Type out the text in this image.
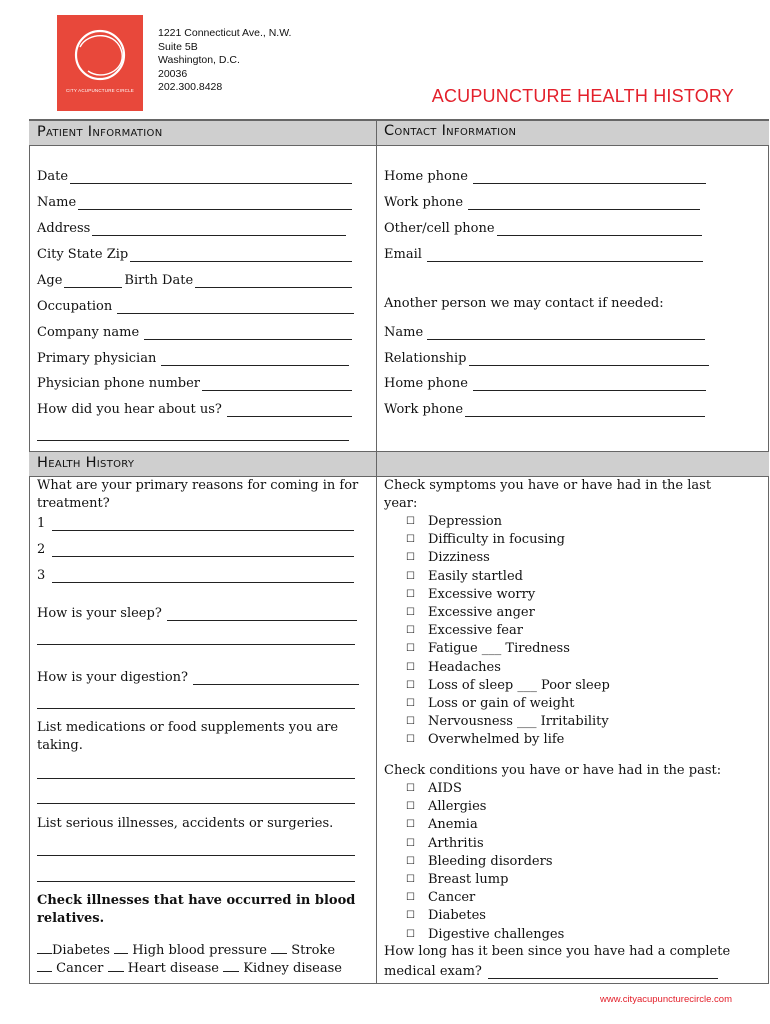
CITY ACUPUNCTURE CIRCLE
1221 Connecticut Ave., N.W.
Suite 5B
Washington, D.C.
20036
202.300.8428	ACUPUNCTURE HEALTH HISTORY
Patient Information	Contact Information
Health History
Date
Name
Address
City State Zip
Age	Birth Date
Occupation
Company name
Primary physician
Physician phone number
How did you hear about us?
Home phone
Work phone
Other/cell phone
Email
Another person we may contact if needed:
Name
Relationship
Home phone
Work phone
What are your primary reasons for coming in for treatment?
1
2
3
How is your sleep?
How is your digestion?
List medications or food supplements you are taking.
List serious illnesses, accidents or surgeries.
Check illnesses that have occurred in blood relatives.
Diabetes High blood pressure Stroke
Cancer Heart disease Kidney disease
Check symptoms you have or have had in the last year:
☐	Depression
☐	Difficulty in focusing
☐	Dizziness
☐	Easily startled
☐	Excessive worry
☐	Excessive anger
☐	Excessive fear
☐	Fatigue ___ Tiredness
☐	Headaches
☐	Loss of sleep ___ Poor sleep
☐	Loss or gain of weight
☐	Nervousness ___ Irritability
☐	Overwhelmed by life
Check conditions you have or have had in the past:
☐	AIDS
☐	Allergies
☐	Anemia
☐	Arthritis
☐	Bleeding disorders
☐	Breast lump
☐	Cancer
☐	Diabetes
☐	Digestive challenges
How long has it been since you have had a complete
medical exam?
www.cityacupuncturecircle.com
